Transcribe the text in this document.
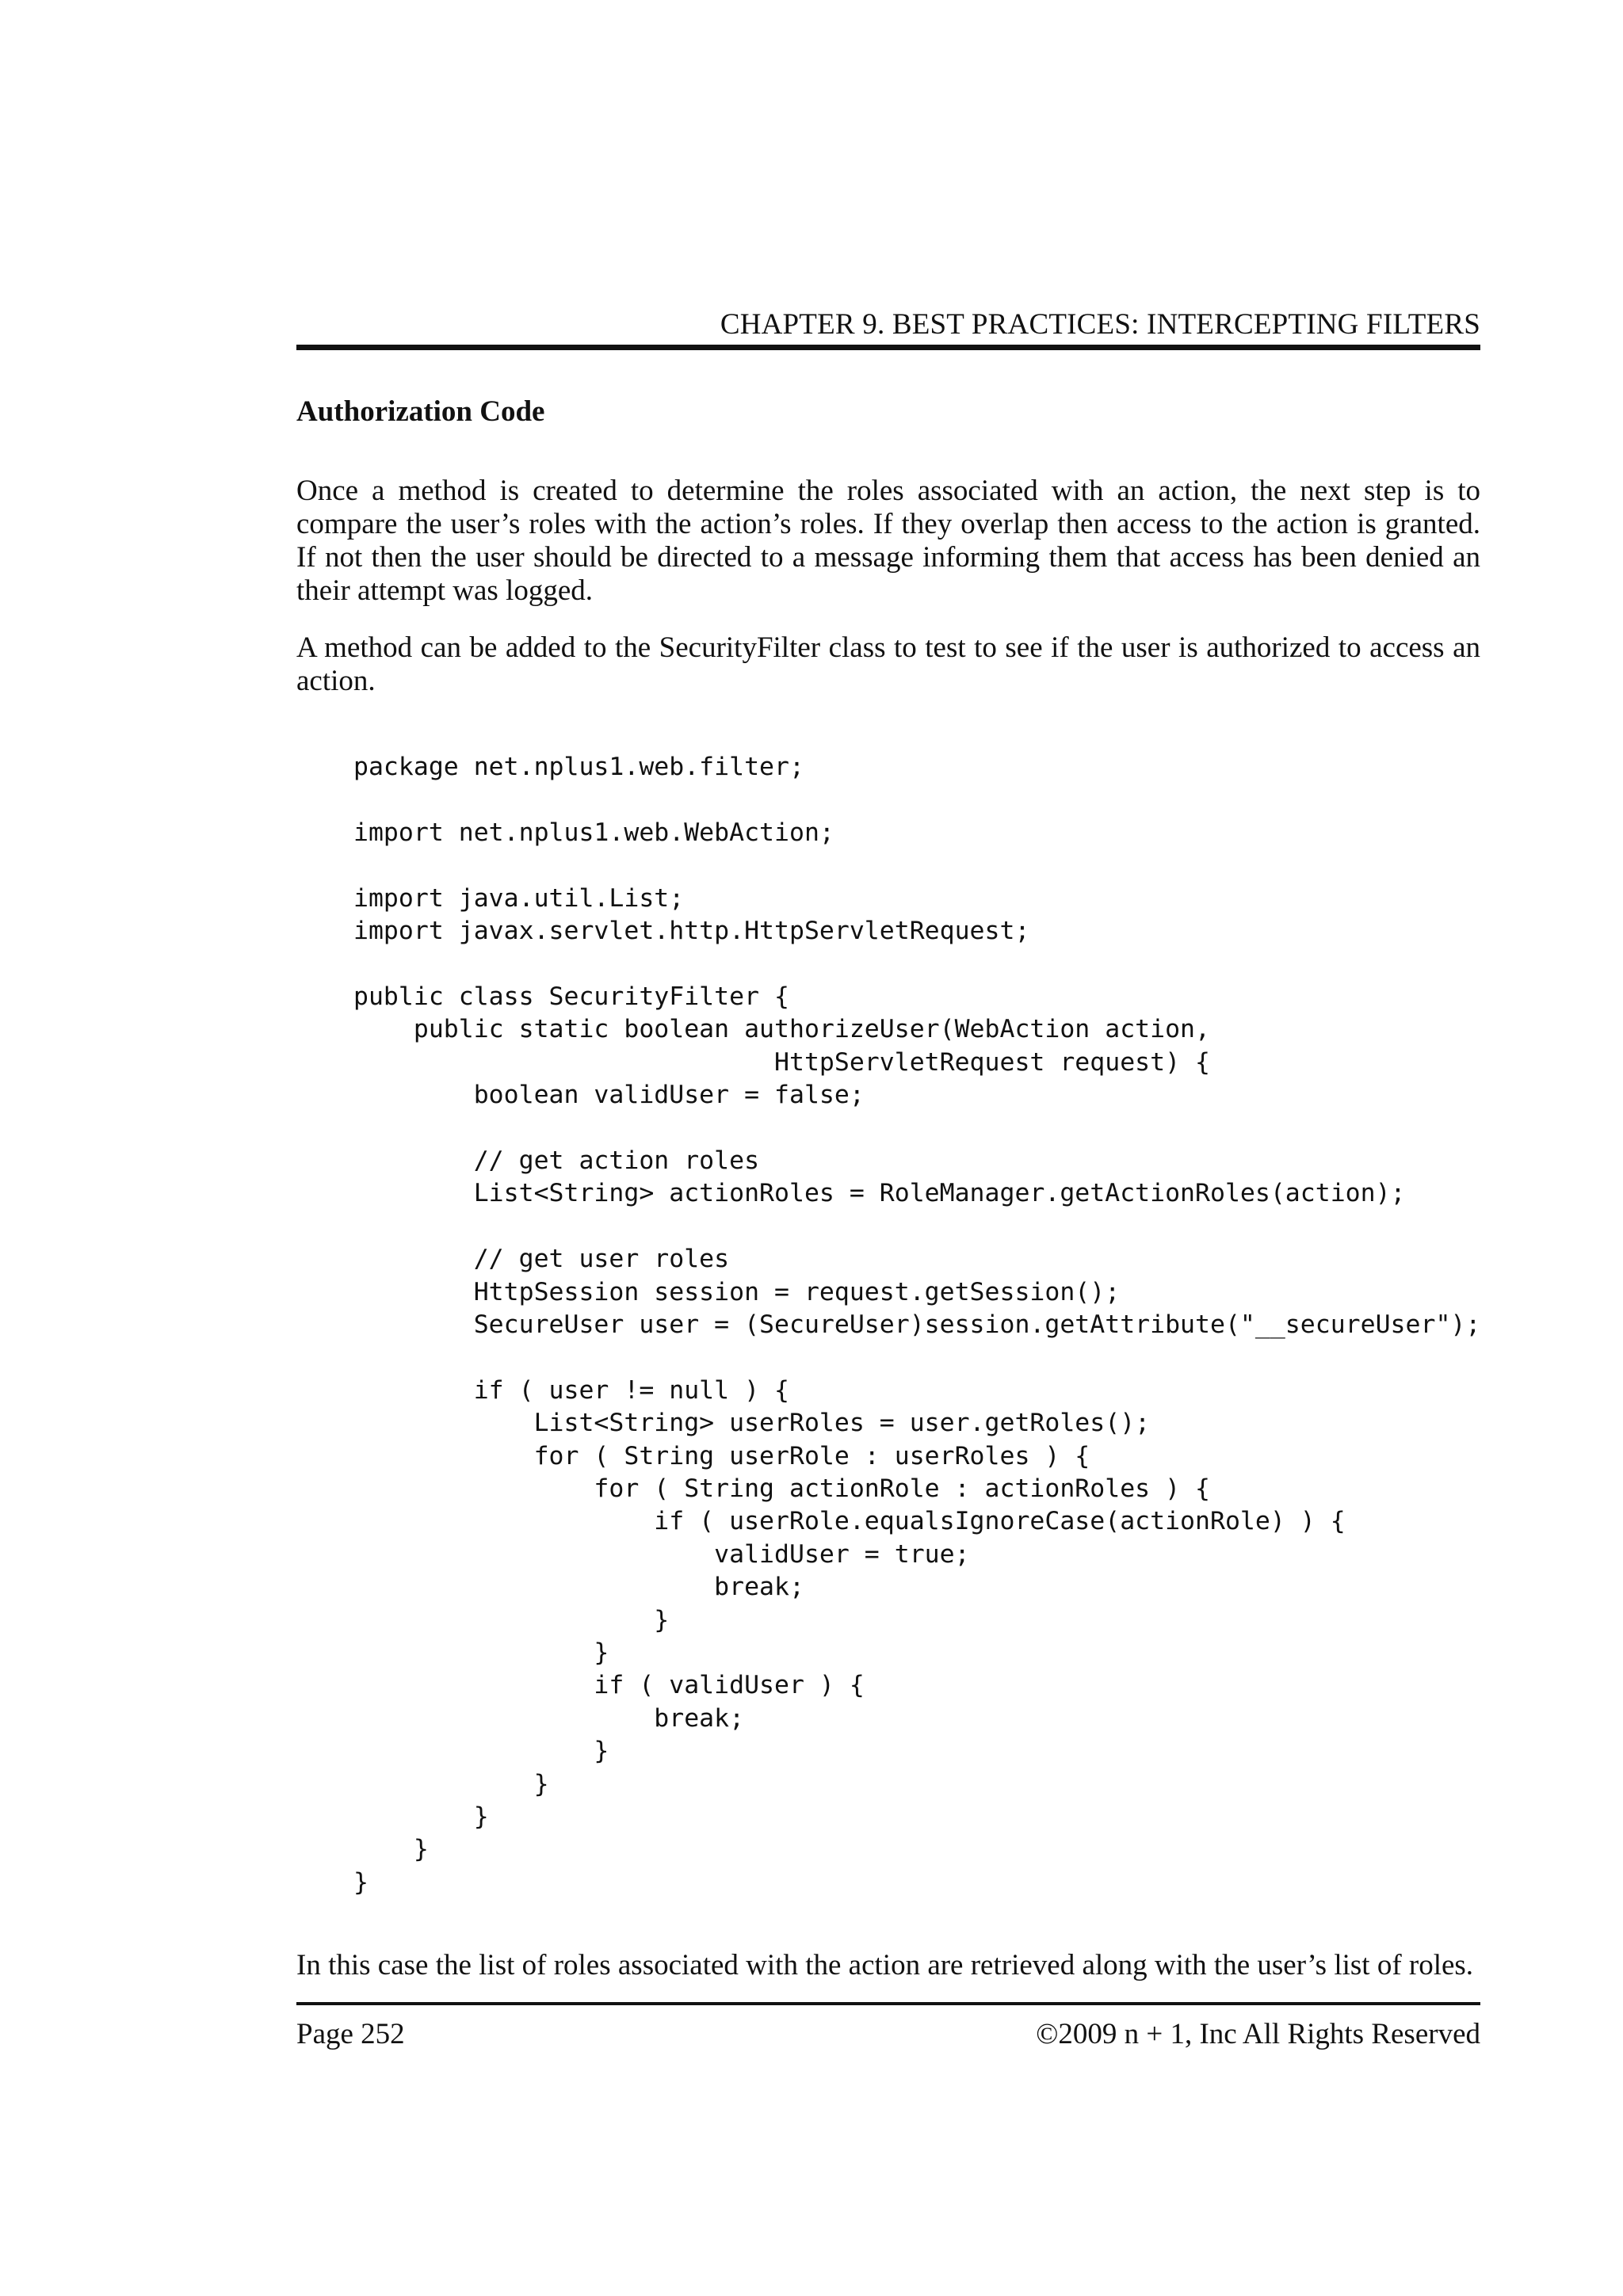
CHAPTER 9. BEST PRACTICES: INTERCEPTING FILTERS
Authorization Code

Once a method is created to determine the roles associated with an action, the next step is to compare the user’s roles with the action’s roles. If they overlap then access to the action is granted. If not then the user should be directed to a message informing them that access has been denied an their attempt was logged.

A method can be added to the SecurityFilter class to test to see if the user is authorized to access an action.

package net.nplus1.web.filter;

import net.nplus1.web.WebAction;

import java.util.List;
import javax.servlet.http.HttpServletRequest;

public class SecurityFilter {
public static boolean authorizeUser(WebAction action,
HttpServletRequest request) {
boolean validUser = false;

// get action roles
List<String> actionRoles = RoleManager.getActionRoles(action);

// get user roles
HttpSession session = request.getSession();
SecureUser user = (SecureUser)session.getAttribute("__secureUser");

if ( user != null ) {
List<String> userRoles = user.getRoles();
for ( String userRole : userRoles ) {
for ( String actionRole : actionRoles ) {
if ( userRole.equalsIgnoreCase(actionRole) ) {
validUser = true;
break;
}
}
if ( validUser ) {
break;
}
}
}
}
}

In this case the list of roles associated with the action are retrieved along with the user’s list of roles.

Page 252	©2009 n + 1, Inc All Rights Reserved
